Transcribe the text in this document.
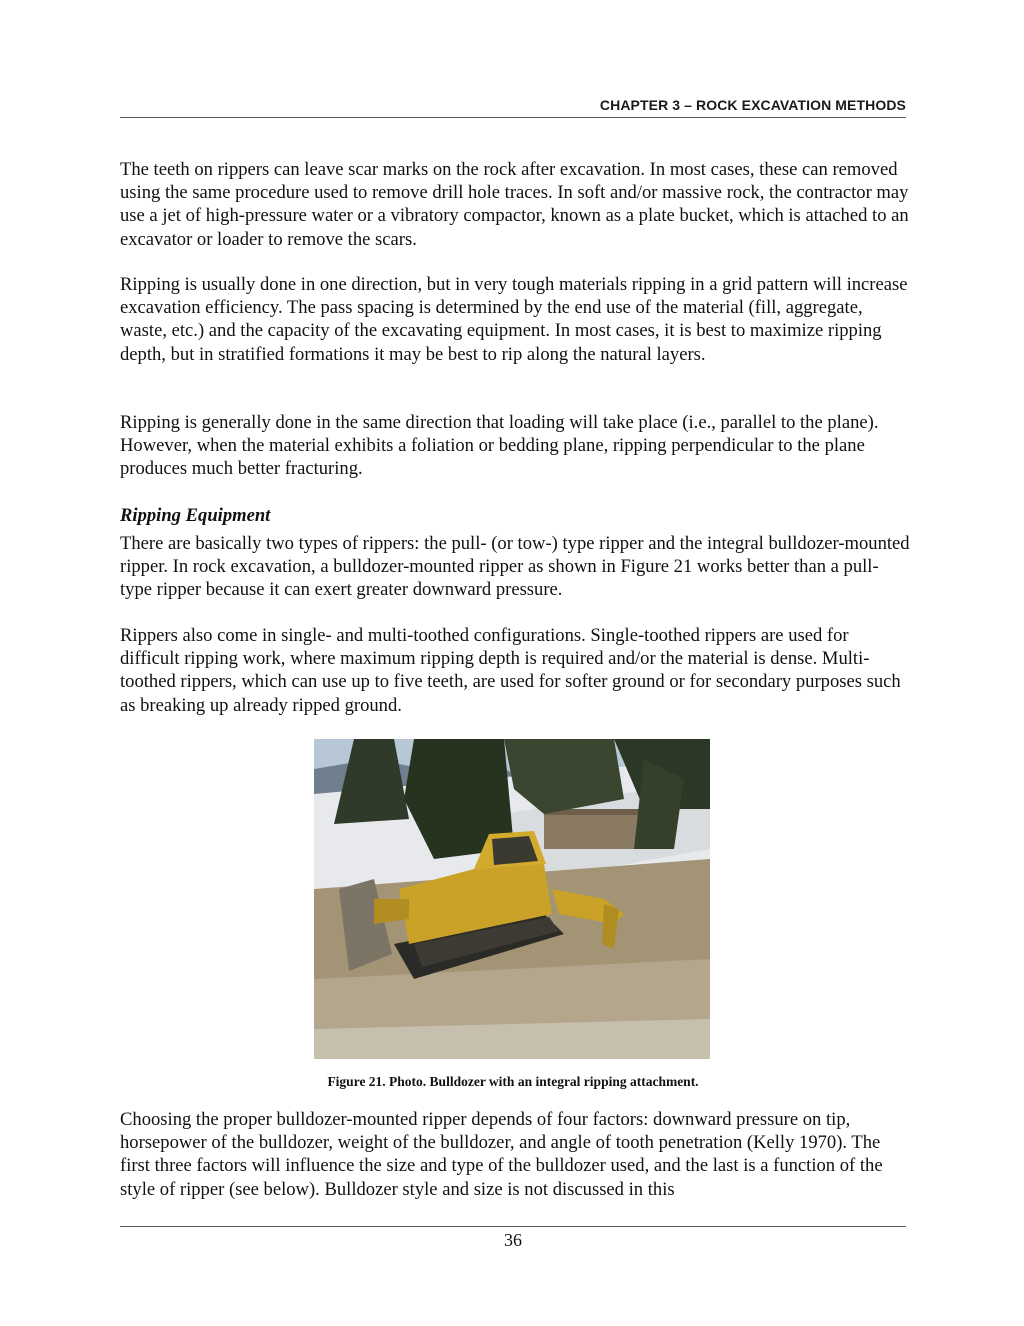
CHAPTER 3 – ROCK EXCAVATION METHODS

The teeth on rippers can leave scar marks on the rock after excavation. In most cases, these can removed using the same procedure used to remove drill hole traces. In soft and/or massive rock, the contractor may use a jet of high-pressure water or a vibratory compactor, known as a plate bucket, which is attached to an excavator or loader to remove the scars.

Ripping is usually done in one direction, but in very tough materials ripping in a grid pattern will increase excavation efficiency. The pass spacing is determined by the end use of the material (fill, aggregate, waste, etc.) and the capacity of the excavating equipment. In most cases, it is best to maximize ripping depth, but in stratified formations it may be best to rip along the natural layers.

Ripping is generally done in the same direction that loading will take place (i.e., parallel to the plane). However, when the material exhibits a foliation or bedding plane, ripping perpendicular to the plane produces much better fracturing.

Ripping Equipment

There are basically two types of rippers: the pull- (or tow-) type ripper and the integral bulldozer-mounted ripper. In rock excavation, a bulldozer-mounted ripper as shown in Figure 21 works better than a pull-type ripper because it can exert greater downward pressure.

Rippers also come in single- and multi-toothed configurations. Single-toothed rippers are used for difficult ripping work, where maximum ripping depth is required and/or the material is dense. Multi-toothed rippers, which can use up to five teeth, are used for softer ground or for secondary purposes such as breaking up already ripped ground.

Figure 21. Photo. Bulldozer with an integral ripping attachment.

Choosing the proper bulldozer-mounted ripper depends of four factors: downward pressure on tip, horsepower of the bulldozer, weight of the bulldozer, and angle of tooth penetration (Kelly 1970). The first three factors will influence the size and type of the bulldozer used, and the last is a function of the style of ripper (see below). Bulldozer style and size is not discussed in this

36
